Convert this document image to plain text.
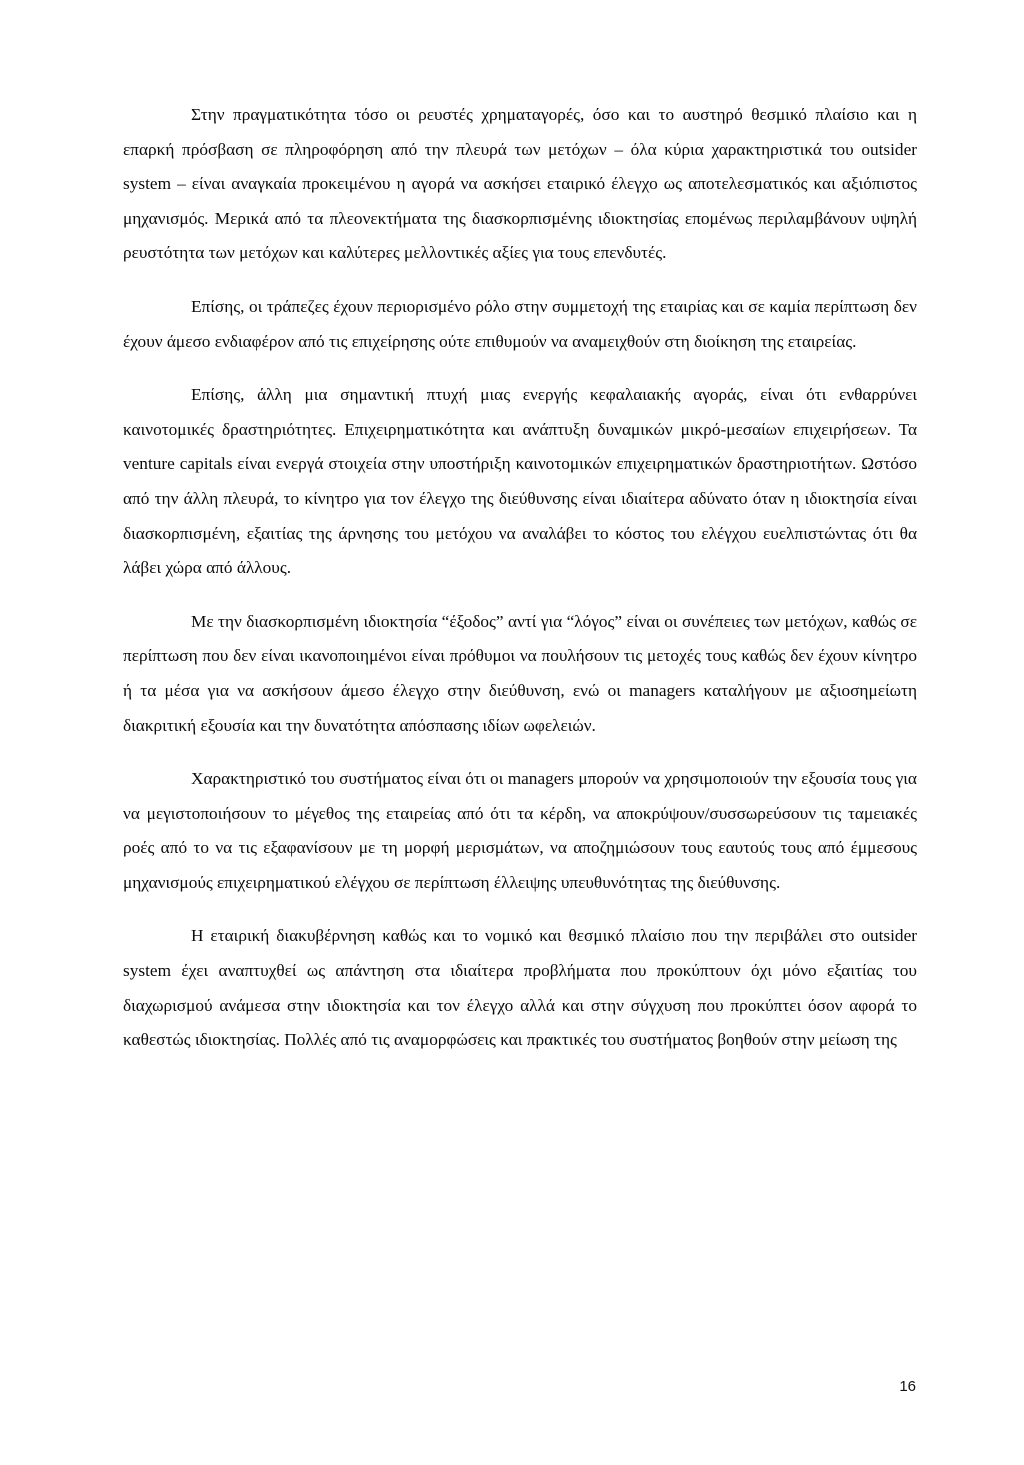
Στην πραγματικότητα τόσο οι ρευστές χρηματαγορές, όσο και το αυστηρό θεσμικό πλαίσιο και η επαρκή πρόσβαση σε πληροφόρηση από την πλευρά των μετόχων – όλα κύρια χαρακτηριστικά του outsider system – είναι αναγκαία προκειμένου η αγορά να ασκήσει εταιρικό έλεγχο ως αποτελεσματικός και αξιόπιστος μηχανισμός. Μερικά από τα πλεονεκτήματα της διασκορπισμένης ιδιοκτησίας επομένως περιλαμβάνουν υψηλή ρευστότητα των μετόχων και καλύτερες μελλοντικές αξίες για τους επενδυτές.

Επίσης, οι τράπεζες έχουν περιορισμένο ρόλο στην συμμετοχή της εταιρίας και σε καμία περίπτωση δεν έχουν άμεσο ενδιαφέρον από τις επιχείρησης ούτε επιθυμούν να αναμειχθούν στη διοίκηση της εταιρείας.

Επίσης, άλλη μια σημαντική πτυχή μιας ενεργής κεφαλαιακής αγοράς, είναι ότι ενθαρρύνει καινοτομικές δραστηριότητες. Επιχειρηματικότητα και ανάπτυξη δυναμικών μικρό-μεσαίων επιχειρήσεων. Τα venture capitals είναι ενεργά στοιχεία στην υποστήριξη καινοτομικών επιχειρηματικών δραστηριοτήτων. Ωστόσο από την άλλη πλευρά, το κίνητρο για τον έλεγχο της διεύθυνσης είναι ιδιαίτερα αδύνατο όταν η ιδιοκτησία είναι διασκορπισμένη, εξαιτίας της άρνησης του μετόχου να αναλάβει το κόστος του ελέγχου ευελπιστώντας ότι θα λάβει χώρα από άλλους.

Με την διασκορπισμένη ιδιοκτησία “έξοδος” αντί για “λόγος” είναι οι συνέπειες των μετόχων, καθώς σε περίπτωση που δεν είναι ικανοποιημένοι είναι πρόθυμοι να πουλήσουν τις μετοχές τους καθώς δεν έχουν κίνητρο ή τα μέσα για να ασκήσουν άμεσο έλεγχο στην διεύθυνση, ενώ οι managers καταλήγουν με αξιοσημείωτη διακριτική εξουσία και την δυνατότητα απόσπασης ιδίων ωφελειών.

Χαρακτηριστικό του συστήματος είναι ότι οι managers μπορούν να χρησιμοποιούν την εξουσία τους για να μεγιστοποιήσουν το μέγεθος της εταιρείας από ότι τα κέρδη, να αποκρύψουν/συσσωρεύσουν τις ταμειακές ροές από το να τις εξαφανίσουν με τη μορφή μερισμάτων, να αποζημιώσουν τους εαυτούς τους από έμμεσους μηχανισμούς επιχειρηματικού ελέγχου σε περίπτωση έλλειψης υπευθυνότητας της διεύθυνσης.

Η εταιρική διακυβέρνηση καθώς και το νομικό και θεσμικό πλαίσιο που την περιβάλει στο outsider system έχει αναπτυχθεί ως απάντηση στα ιδιαίτερα προβλήματα που προκύπτουν όχι μόνο εξαιτίας του διαχωρισμού ανάμεσα στην ιδιοκτησία και τον έλεγχο αλλά και στην σύγχυση που προκύπτει όσον αφορά το καθεστώς ιδιοκτησίας. Πολλές από τις αναμορφώσεις και πρακτικές του συστήματος βοηθούν στην μείωση της

16
